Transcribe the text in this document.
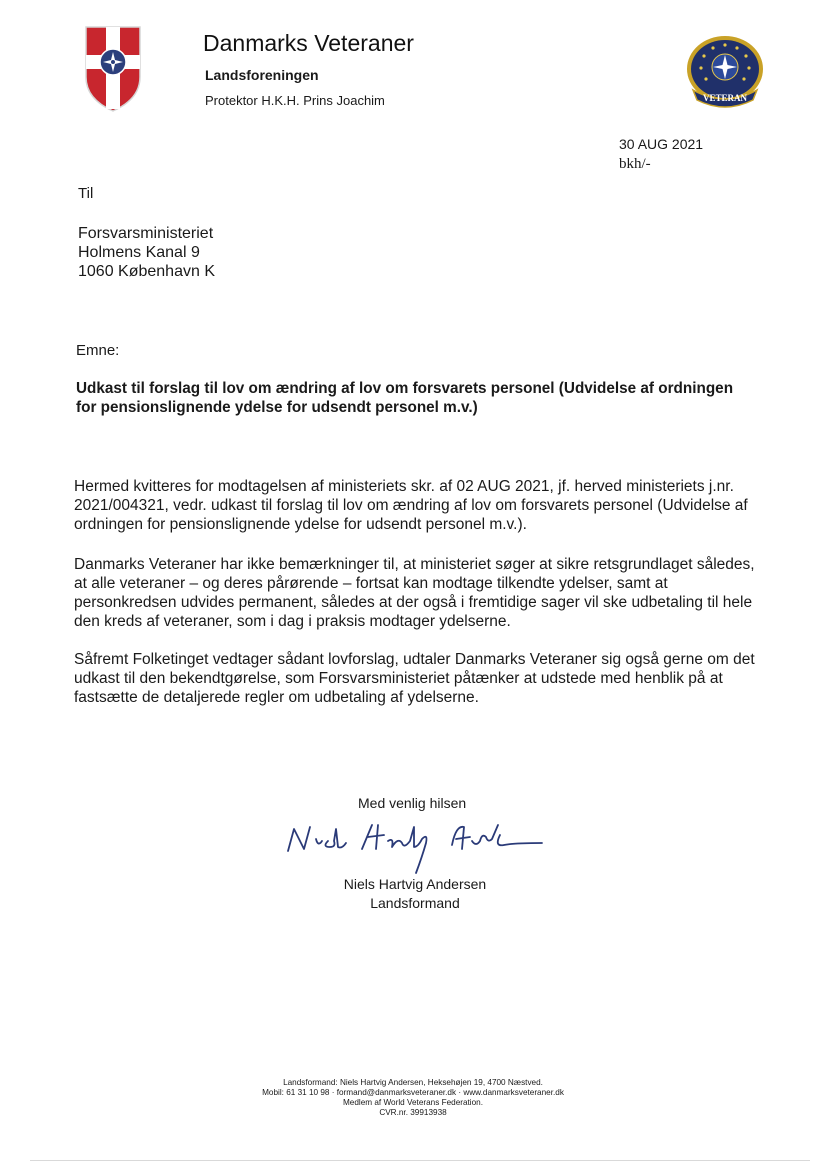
Danmarks Veteraner
Landsforeningen
Protektor H.K.H. Prins Joachim	VETERAN
30 AUG 2021
bkh/-
Til
Forsvarsministeriet
Holmens Kanal 9
1060 København K
Emne:
Udkast til forslag til lov om ændring af lov om forsvarets personel (Udvidelse af ordningen for pensionslignende ydelse for udsendt personel m.v.)
Hermed kvitteres for modtagelsen af ministeriets skr. af 02 AUG 2021, jf. herved ministeriets j.nr. 2021/004321, vedr. udkast til forslag til lov om ændring af lov om forsvarets personel (Udvidelse af ordningen for pensionslignende ydelse for udsendt personel m.v.).
Danmarks Veteraner har ikke bemærkninger til, at ministeriet søger at sikre retsgrundlaget således, at alle veteraner – og deres pårørende – fortsat kan modtage tilkendte ydelser, samt at personkredsen udvides permanent, således at der også i fremtidige sager vil ske udbetaling til hele den kreds af veteraner, som i dag i praksis modtager ydelserne.
Såfremt Folketinget vedtager sådant lovforslag, udtaler Danmarks Veteraner sig også gerne om det udkast til den bekendtgørelse, som Forsvarsministeriet påtænker at udstede med henblik på at fastsætte de detaljerede regler om udbetaling af ydelserne.
Med venlig hilsen
Niels Hartvig Andersen
Landsformand
Landsformand: Niels Hartvig Andersen, Heksehøjen 19, 4700 Næstved.
Mobil: 61 31 10 98 · formand@danmarksveteraner.dk · www.danmarksveteraner.dk
Medlem af World Veterans Federation.
CVR.nr. 39913938
